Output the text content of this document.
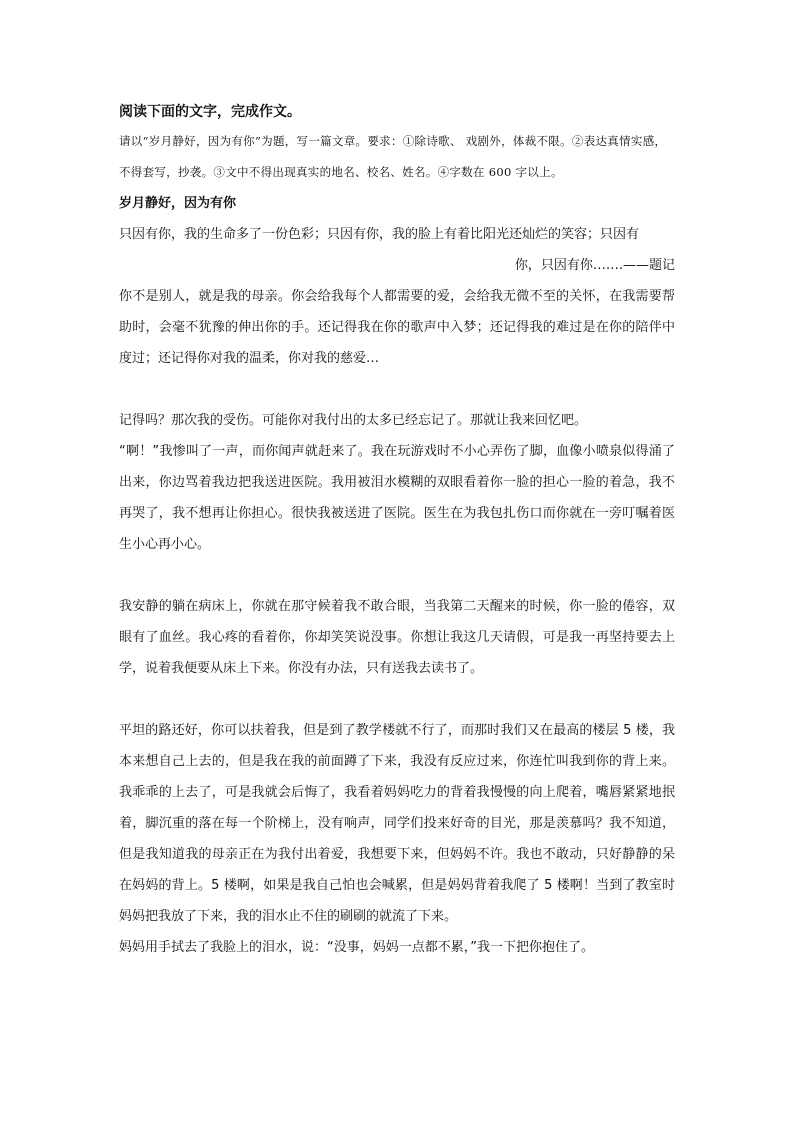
阅读下面的文字，完成作文。

请以“岁月静好，因为有你”为题，写一篇文章。要求：①除诗歌、 戏剧外，体裁不限。②表达真情实感，不得套写，抄袭。③文中不得出现真实的地名、校名、姓名。④字数在 600 字以上。

岁月静好，因为有你

只因有你，我的生命多了一份色彩；只因有你，我的脸上有着比阳光还灿烂的笑容；只因有

你，只因有你…….——题记

你不是别人，就是我的母亲。你会给我每个人都需要的爱，会给我无微不至的关怀，在我需要帮助时，会毫不犹豫的伸出你的手。还记得我在你的歌声中入梦；还记得我的难过是在你的陪伴中度过；还记得你对我的温柔，你对我的慈爱…

记得吗？那次我的受伤。可能你对我付出的太多已经忘记了。那就让我来回忆吧。

“啊！”我惨叫了一声，而你闻声就赶来了。我在玩游戏时不小心弄伤了脚，血像小喷泉似得涌了出来，你边骂着我边把我送进医院。我用被泪水模糊的双眼看着你一脸的担心一脸的着急，我不再哭了，我不想再让你担心。很快我被送进了医院。医生在为我包扎伤口而你就在一旁叮嘱着医生小心再小心。

我安静的躺在病床上，你就在那守候着我不敢合眼，当我第二天醒来的时候，你一脸的倦容，双眼有了血丝。我心疼的看着你，你却笑笑说没事。你想让我这几天请假，可是我一再坚持要去上学，说着我便要从床上下来。你没有办法，只有送我去读书了。

平坦的路还好，你可以扶着我，但是到了教学楼就不行了，而那时我们又在最高的楼层 5 楼，我本来想自己上去的，但是我在我的前面蹲了下来，我没有反应过来，你连忙叫我到你的背上来。我乖乖的上去了，可是我就会后悔了，我看着妈妈吃力的背着我慢慢的向上爬着，嘴唇紧紧地抿着，脚沉重的落在每一个阶梯上，没有响声，同学们投来好奇的目光，那是羡慕吗？我不知道，但是我知道我的母亲正在为我付出着爱，我想要下来，但妈妈不许。我也不敢动，只好静静的呆在妈妈的背上。5 楼啊，如果是我自己怕也会喊累，但是妈妈背着我爬了 5 楼啊！当到了教室时妈妈把我放了下来，我的泪水止不住的刷刷的就流了下来。

妈妈用手拭去了我脸上的泪水，说：“没事，妈妈一点都不累，”我一下把你抱住了。
